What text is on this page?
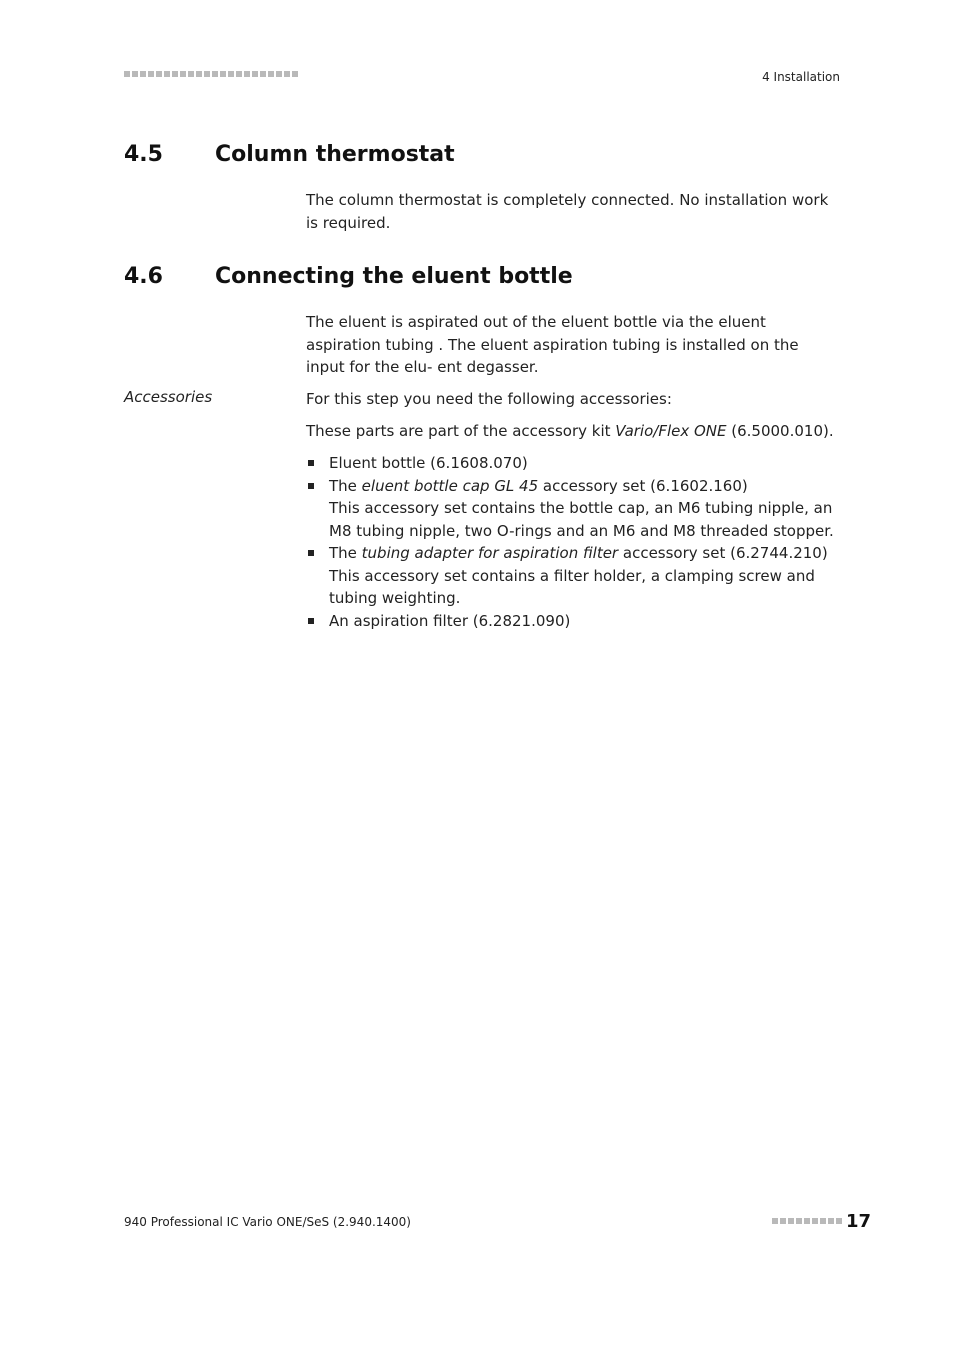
4 Installation
4.5 Column thermostat
The column thermostat is completely connected. No installation work is required.
4.6 Connecting the eluent bottle
The eluent is aspirated out of the eluent bottle via the eluent aspiration tubing . The eluent aspiration tubing is installed on the input for the elu- ent degasser.
Accessories	For this step you need the following accessories:
These parts are part of the accessory kit Vario/Flex ONE (6.5000.010).
Eluent bottle (6.1608.070)
The eluent bottle cap GL 45 accessory set (6.1602.160)
This accessory set contains the bottle cap, an M6 tubing nipple, an M8 tubing nipple, two O-rings and an M6 and M8 threaded stopper.
The tubing adapter for aspiration filter accessory set (6.2744.210)
This accessory set contains a filter holder, a clamping screw and tubing weighting.
An aspiration filter (6.2821.090)
940 Professional IC Vario ONE/SeS (2.940.1400)	17
